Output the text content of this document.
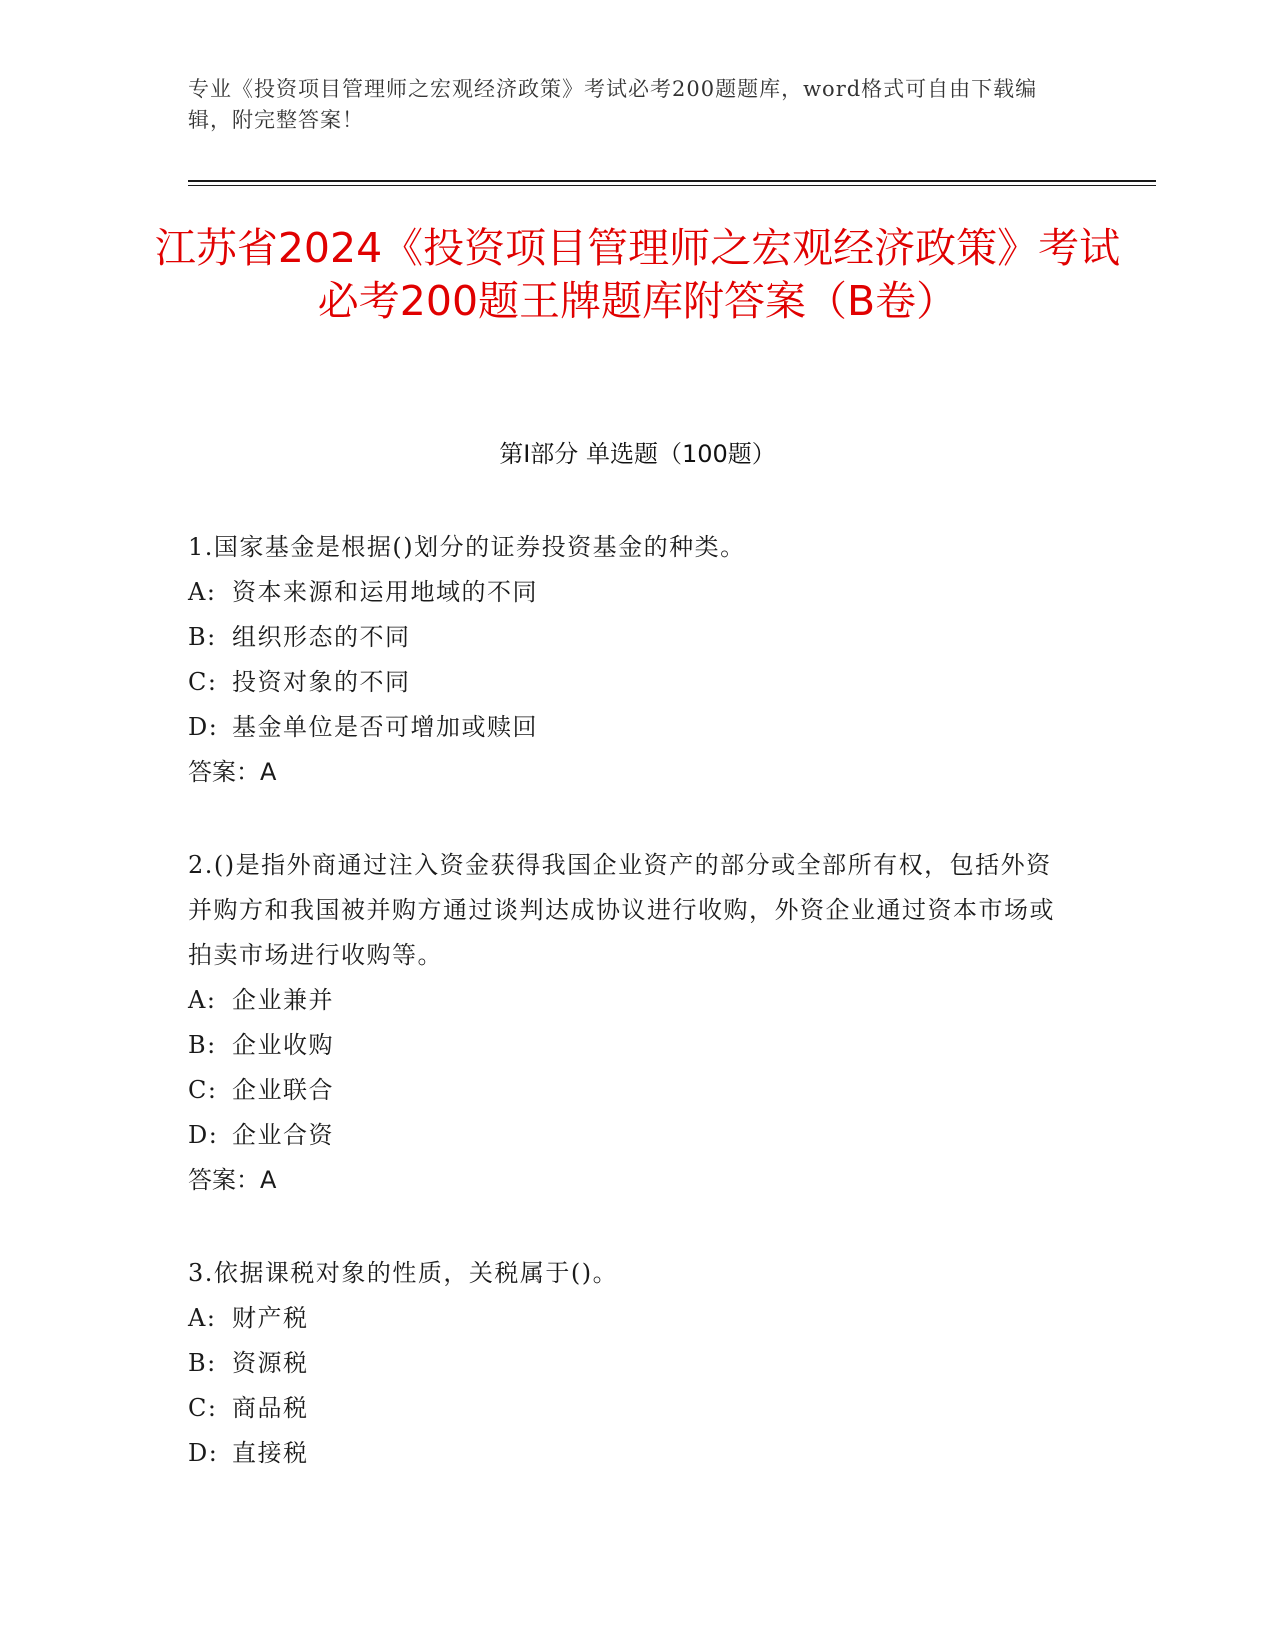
专业《投资项目管理师之宏观经济政策》考试必考200题题库，word格式可自由下载编辑，附完整答案！
江苏省2024《投资项目管理师之宏观经济政策》考试必考200题王牌题库附答案（B卷）
第Ⅰ部分 单选题（100题）

1.国家基金是根据()划分的证券投资基金的种类。

A: 资本来源和运用地域的不同

B: 组织形态的不同

C: 投资对象的不同

D: 基金单位是否可增加或赎回

答案：A

2.()是指外商通过注入资金获得我国企业资产的部分或全部所有权，包括外资并购方和我国被并购方通过谈判达成协议进行收购，外资企业通过资本市场或拍卖市场进行收购等。

A: 企业兼并

B: 企业收购

C: 企业联合

D: 企业合资

答案：A

3.依据课税对象的性质，关税属于()。

A: 财产税

B: 资源税

C: 商品税

D: 直接税
